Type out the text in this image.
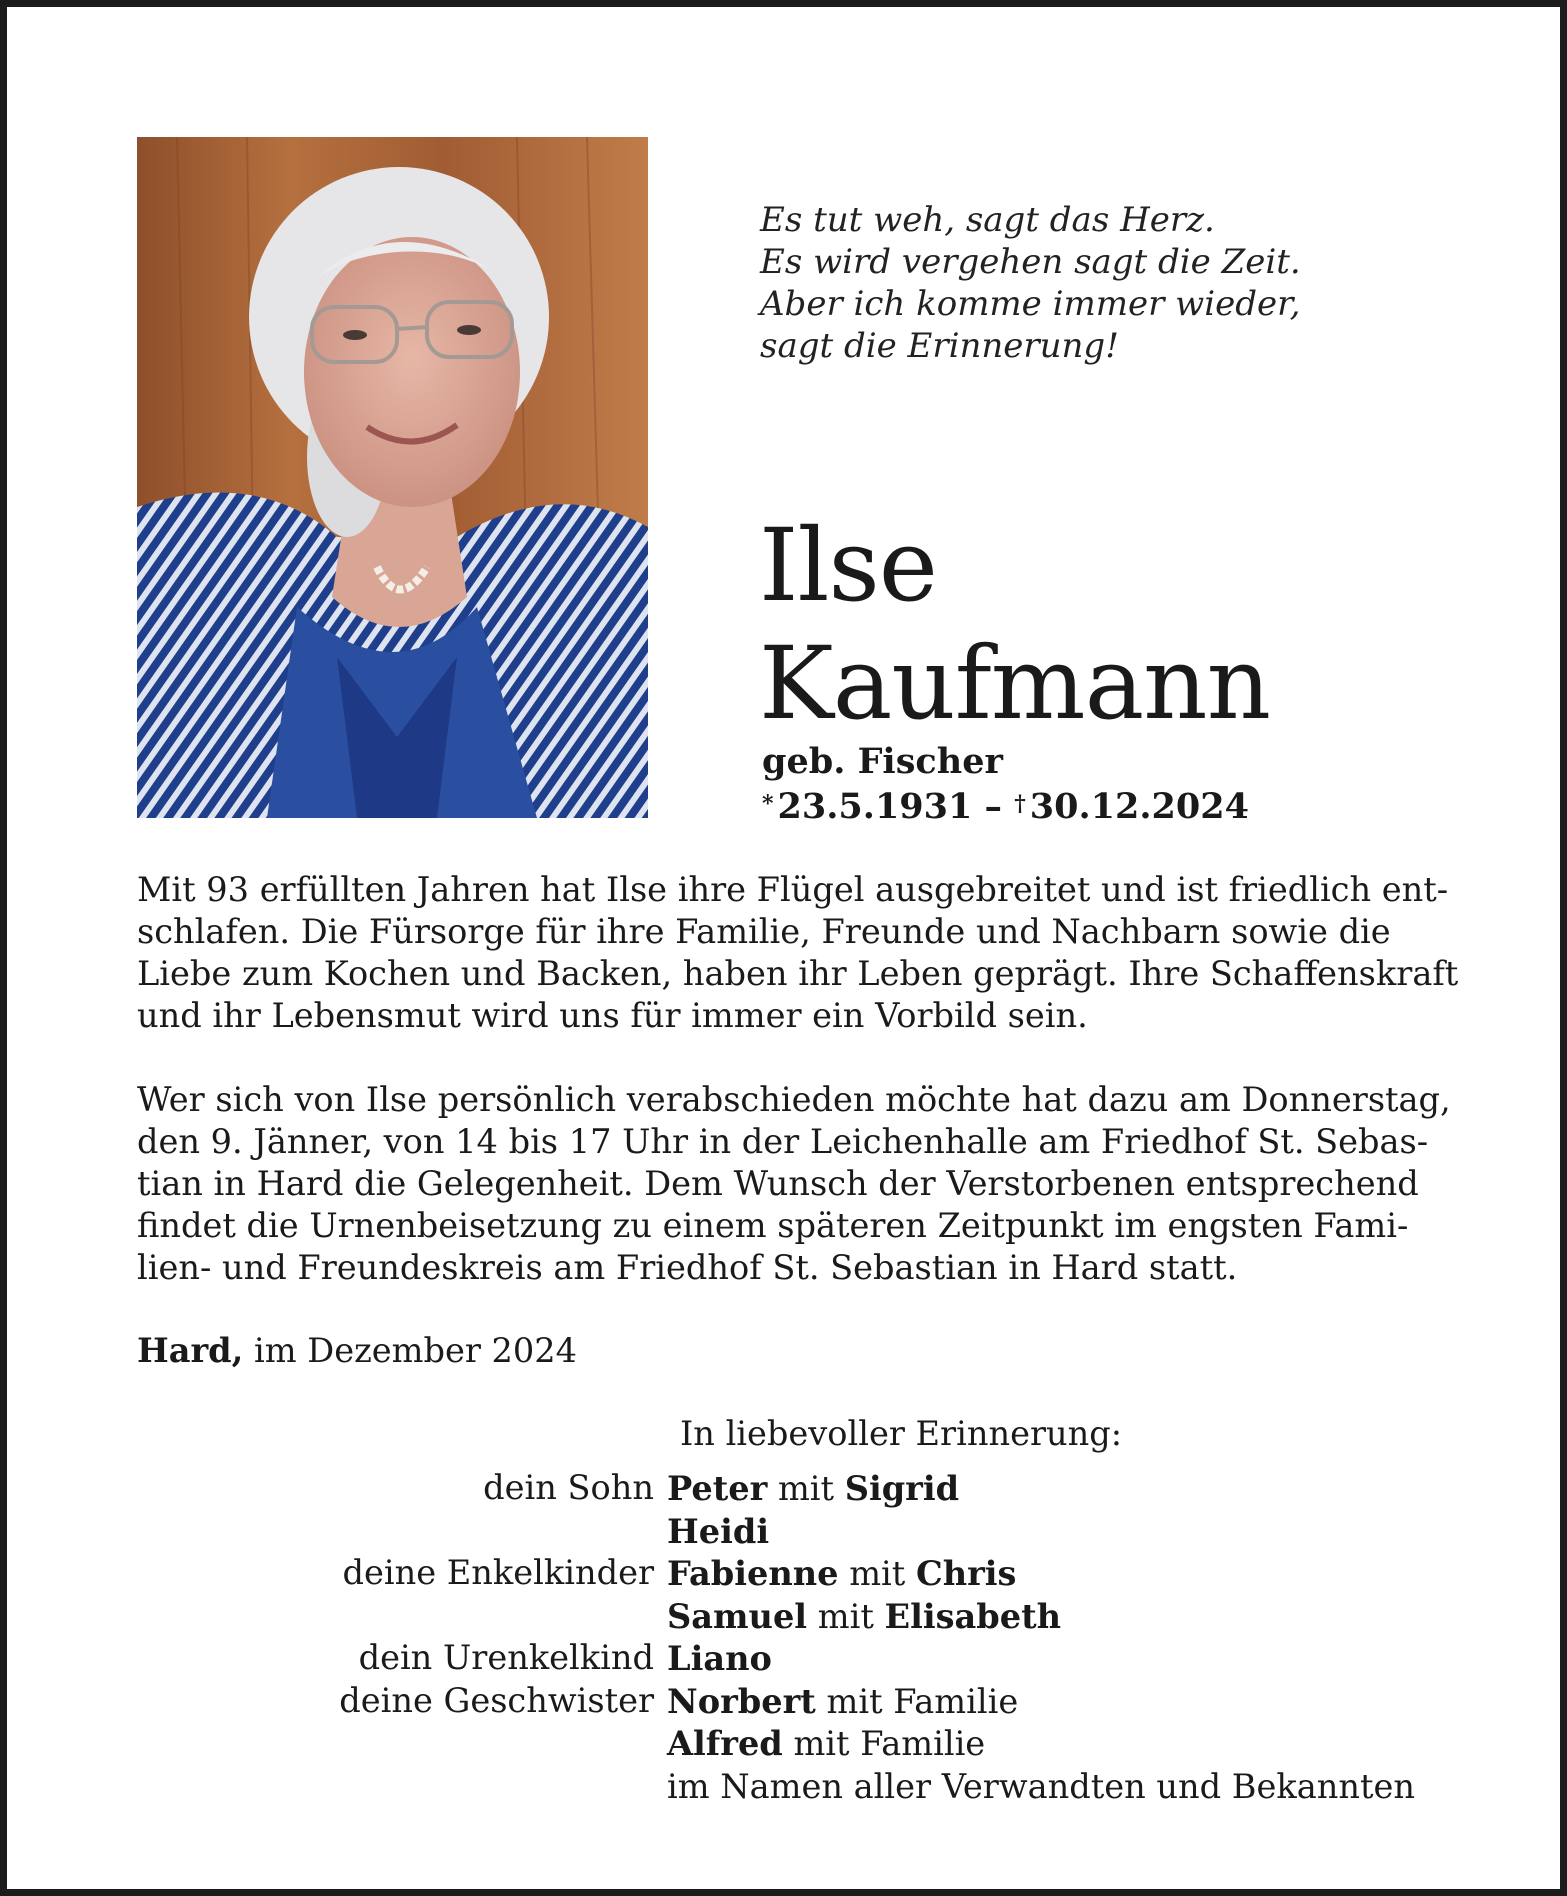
Es tut weh, sagt das Herz.
Es wird vergehen sagt die Zeit.
Aber ich komme immer wieder,
sagt die Erinnerung!
Ilse
Kaufmann
geb. Fischer
* 23.5.1931 – † 30.12.2024
Mit 93 erfüllten Jahren hat Ilse ihre Flügel ausgebreitet und ist friedlich ent-
schlafen. Die Fürsorge für ihre Familie, Freunde und Nachbarn sowie die
Liebe zum Kochen und Backen, haben ihr Leben geprägt. Ihre Schaffenskraft
und ihr Lebensmut wird uns für immer ein Vorbild sein.
Wer sich von Ilse persönlich verabschieden möchte hat dazu am Donnerstag,
den 9. Jänner, von 14 bis 17 Uhr in der Leichenhalle am Friedhof St. Sebas-
tian in Hard die Gelegenheit. Dem Wunsch der Verstorbenen entsprechend
findet die Urnenbeisetzung zu einem späteren Zeitpunkt im engsten Fami-
lien- und Freundeskreis am Friedhof St. Sebastian in Hard statt.
Hard, im Dezember 2024
In liebevoller Erinnerung:
dein Sohn Peter mit Sigrid
Heidi
deine Enkelkinder Fabienne mit Chris
Samuel mit Elisabeth
dein Urenkelkind Liano
deine Geschwister Norbert mit Familie
Alfred mit Familie
im Namen aller Verwandten und Bekannten
